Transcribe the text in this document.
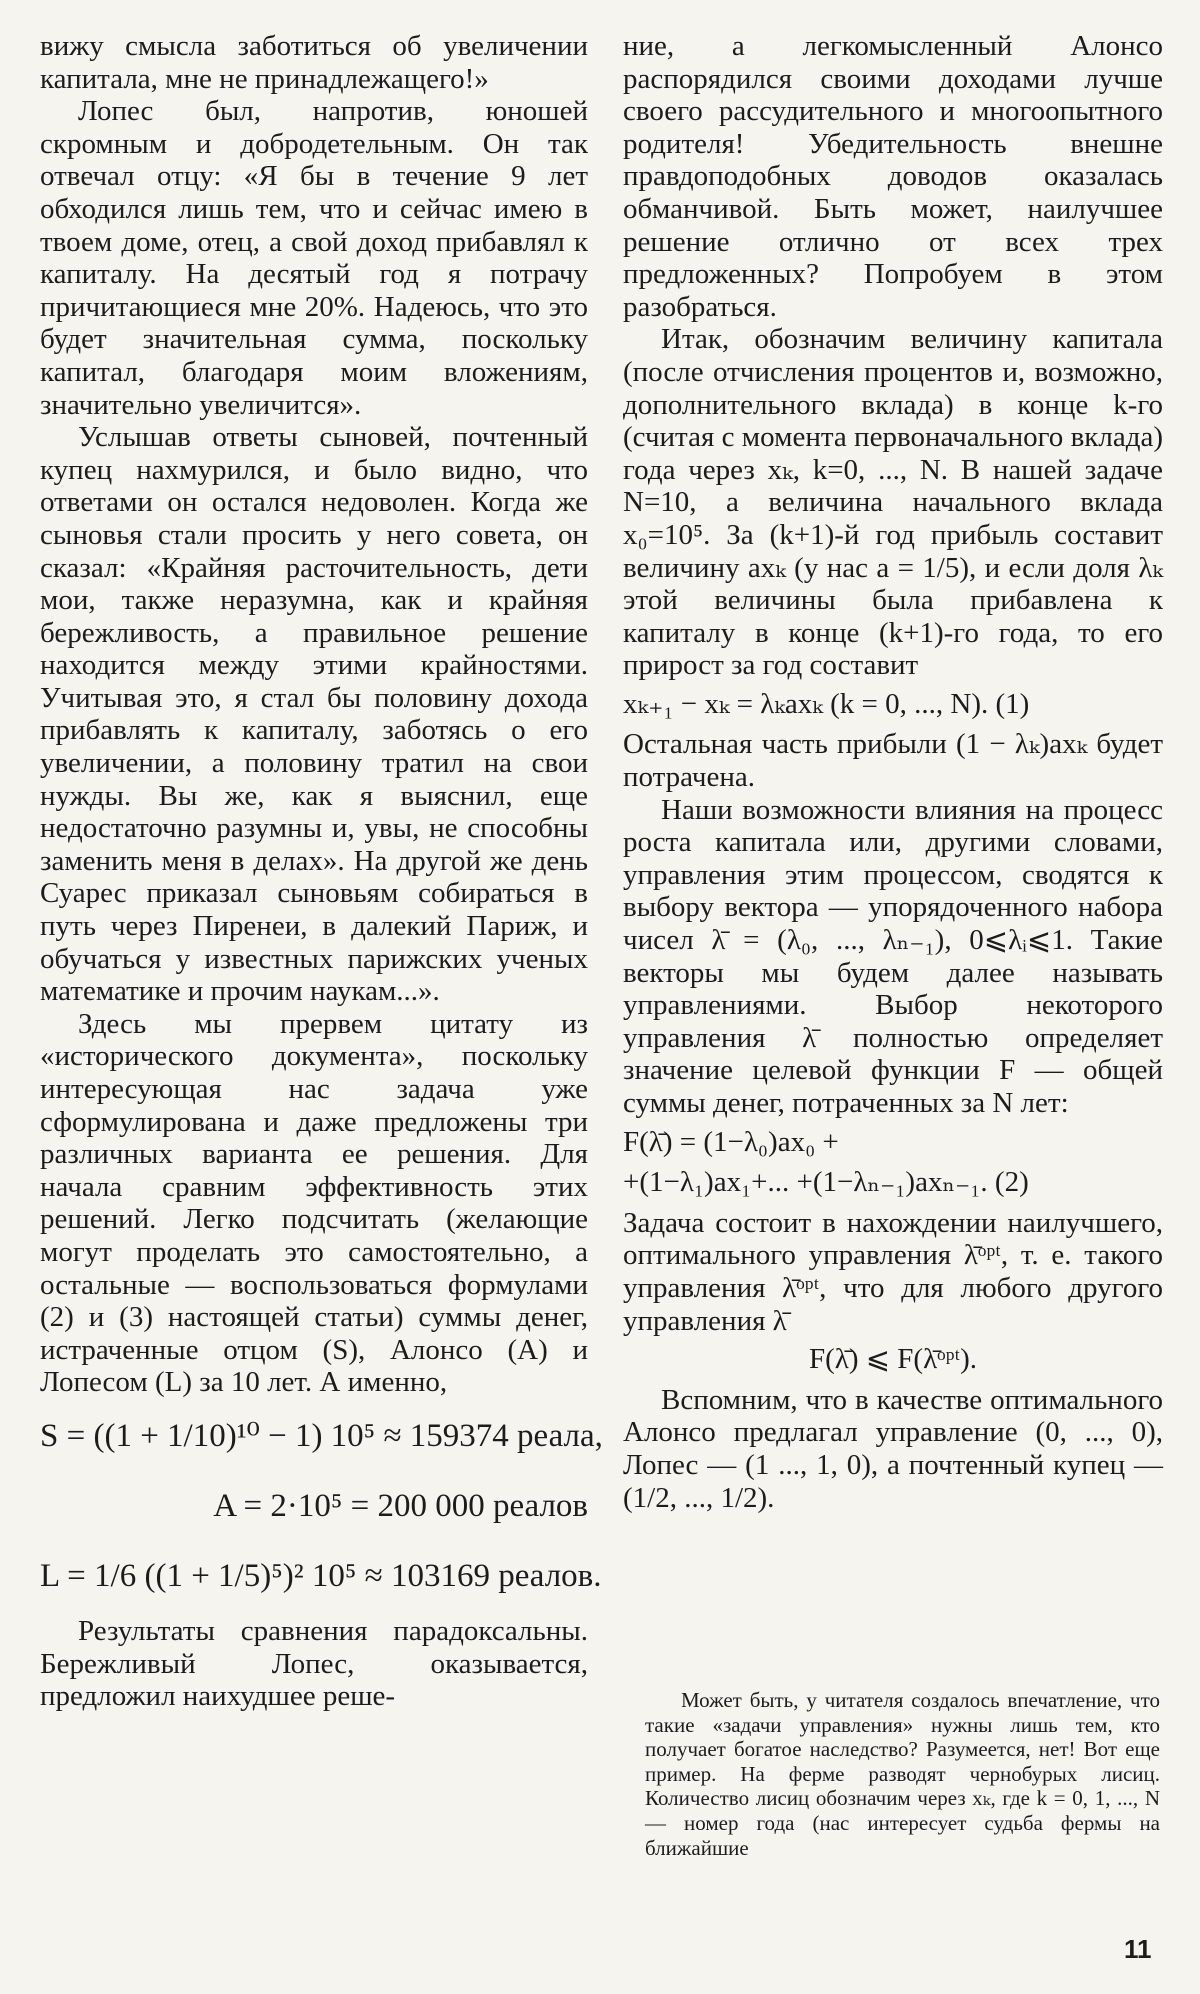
вижу смысла заботиться об увеличении капитала, мне не принадлежащего!»

Лопес был, напротив, юношей скромным и добродетельным. Он так отвечал отцу: «Я бы в течение 9 лет обходился лишь тем, что и сейчас имею в твоем доме, отец, а свой доход прибавлял к капиталу. На десятый год я потрачу причитающиеся мне 20%. Надеюсь, что это будет значительная сумма, поскольку капитал, благодаря моим вложениям, значительно увеличится».

Услышав ответы сыновей, почтенный купец нахмурился, и было видно, что ответами он остался недоволен. Когда же сыновья стали просить у него совета, он сказал: «Крайняя расточительность, дети мои, также неразумна, как и крайняя бережливость, а правильное решение находится между этими крайностями. Учитывая это, я стал бы половину дохода прибавлять к капиталу, заботясь о его увеличении, а половину тратил на свои нужды. Вы же, как я выяснил, еще недостаточно разумны и, увы, не способны заменить меня в делах». На другой же день Суарес приказал сыновьям собираться в путь через Пиренеи, в далекий Париж, и обучаться у известных парижских ученых математике и прочим наукам...».

Здесь мы прервем цитату из «исторического документа», поскольку интересующая нас задача уже сформулирована и даже предложены три различных варианта ее решения. Для начала сравним эффективность этих решений. Легко подсчитать (желающие могут проделать это самостоятельно, а остальные — воспользоваться формулами (2) и (3) настоящей статьи) суммы денег, истраченные отцом (S), Алонсо (A) и Лопесом (L) за 10 лет. А именно,

S = ((1 + 1/10)¹⁰ − 1) 10⁵ ≈ 159374 реала,
A = 2·10⁵ = 200 000 реалов
L = 1/6 ((1 + 1/5)⁵)² 10⁵ ≈ 103169 реалов.

Результаты сравнения парадоксальны. Бережливый Лопес, оказывается, предложил наихудшее реше-

ние, а легкомысленный Алонсо распорядился своими доходами лучше своего рассудительного и многоопытного родителя! Убедительность внешне правдоподобных доводов оказалась обманчивой. Быть может, наилучшее решение отлично от всех трех предложенных? Попробуем в этом разобраться.

Итак, обозначим величину капитала (после отчисления процентов и, возможно, дополнительного вклада) в конце k-го (считая с момента первоначального вклада) года через xₖ, k=0, ..., N. В нашей задаче N=10, а величина начального вклада x₀=10⁵. За (k+1)-й год прибыль составит величину axₖ (у нас a = 1/5), и если доля λₖ этой величины была прибавлена к капиталу в конце (k+1)-го года, то его прирост за год составит

xₖ₊₁ − xₖ = λₖaxₖ (k = 0, ..., N). (1)

Остальная часть прибыли (1 − λₖ)axₖ будет потрачена.

Наши возможности влияния на процесс роста капитала или, другими словами, управления этим процессом, сводятся к выбору вектора — упорядоченного набора чисел λ̄ = (λ₀, ..., λₙ₋₁), 0⩽λᵢ⩽1. Такие векторы мы будем далее называть управлениями. Выбор некоторого управления λ̄ полностью определяет значение целевой функции F — общей суммы денег, потраченных за N лет:

F(λ̄) = (1−λ₀)ax₀ +
+(1−λ₁)ax₁+... +(1−λₙ₋₁)axₙ₋₁. (2)

Задача состоит в нахождении наилучшего, оптимального управления λ̄ᵒᵖᵗ, т. е. такого управления λ̄ᵒᵖᵗ, что для любого другого управления λ̄

F(λ̄) ⩽ F(λ̄ᵒᵖᵗ).

Вспомним, что в качестве оптимального Алонсо предлагал управление (0, ..., 0), Лопес — (1 ..., 1, 0), а почтенный купец — (1/2, ..., 1/2).

Может быть, у читателя создалось впечатление, что такие «задачи управления» нужны лишь тем, кто получает богатое наследство? Разумеется, нет! Вот еще пример. На ферме разводят чернобурых лисиц. Количество лисиц обозначим через xₖ, где k = 0, 1, ..., N — номер года (нас интересует судьба фермы на ближайшие

11
